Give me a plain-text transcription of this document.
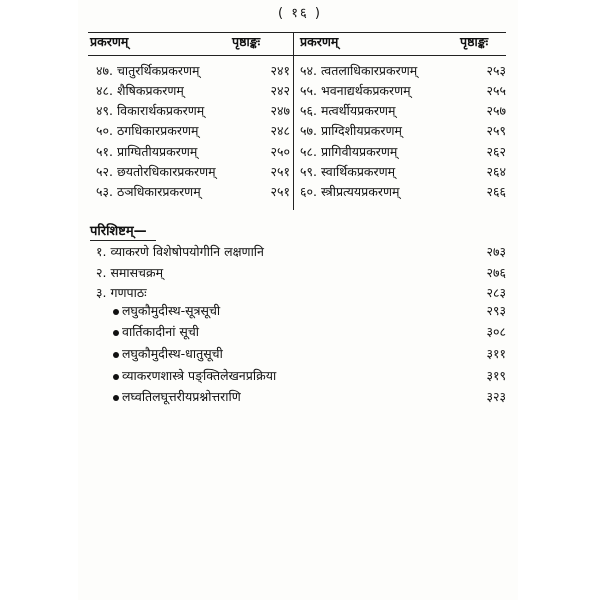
( १६ )
प्रकरणम्	पृष्ठाङ्कः	प्रकरणम्	पृष्ठाङ्कः
४७. चातुरर्थिकप्रकरणम्	२४१
४८. शैषिकप्रकरणम्	२४२
४९. विकारार्थकप्रकरणम्	२४७
५०. ठगधिकारप्रकरणम्	२४८
५१. प्राग्घितीयप्रकरणम्	२५०
५२. छयतोरधिकारप्रकरणम्	२५१
५३. ठञधिकारप्रकरणम्	२५१
५४. त्वतलाधिकारप्रकरणम्	२५३
५५. भवनाद्यर्थकप्रकरणम्	२५५
५६. मत्वर्थीयप्रकरणम्	२५७
५७. प्राग्दिशीयप्रकरणम्	२५९
५८. प्रागिवीयप्रकरणम्	२६२
५९. स्वार्थिकप्रकरणम्	२६४
६०. स्त्रीप्रत्ययप्रकरणम्	२६६
परिशिष्टम्—
१. व्याकरणे विशेषोपयोगीनि लक्षणानि	२७३
२. समासचक्रम्	२७६
३. गणपाठः	२८३
लघुकौमुदीस्थ-सूत्रसूची	२९३
वार्तिकादीनां सूची	३०८
लघुकौमुदीस्थ-धातुसूची	३११
व्याकरणशास्त्रे पङ्क्तिलेखनप्रक्रिया	३१९
लघ्वतिलघूत्तरीयप्रश्नोत्तराणि	३२३
